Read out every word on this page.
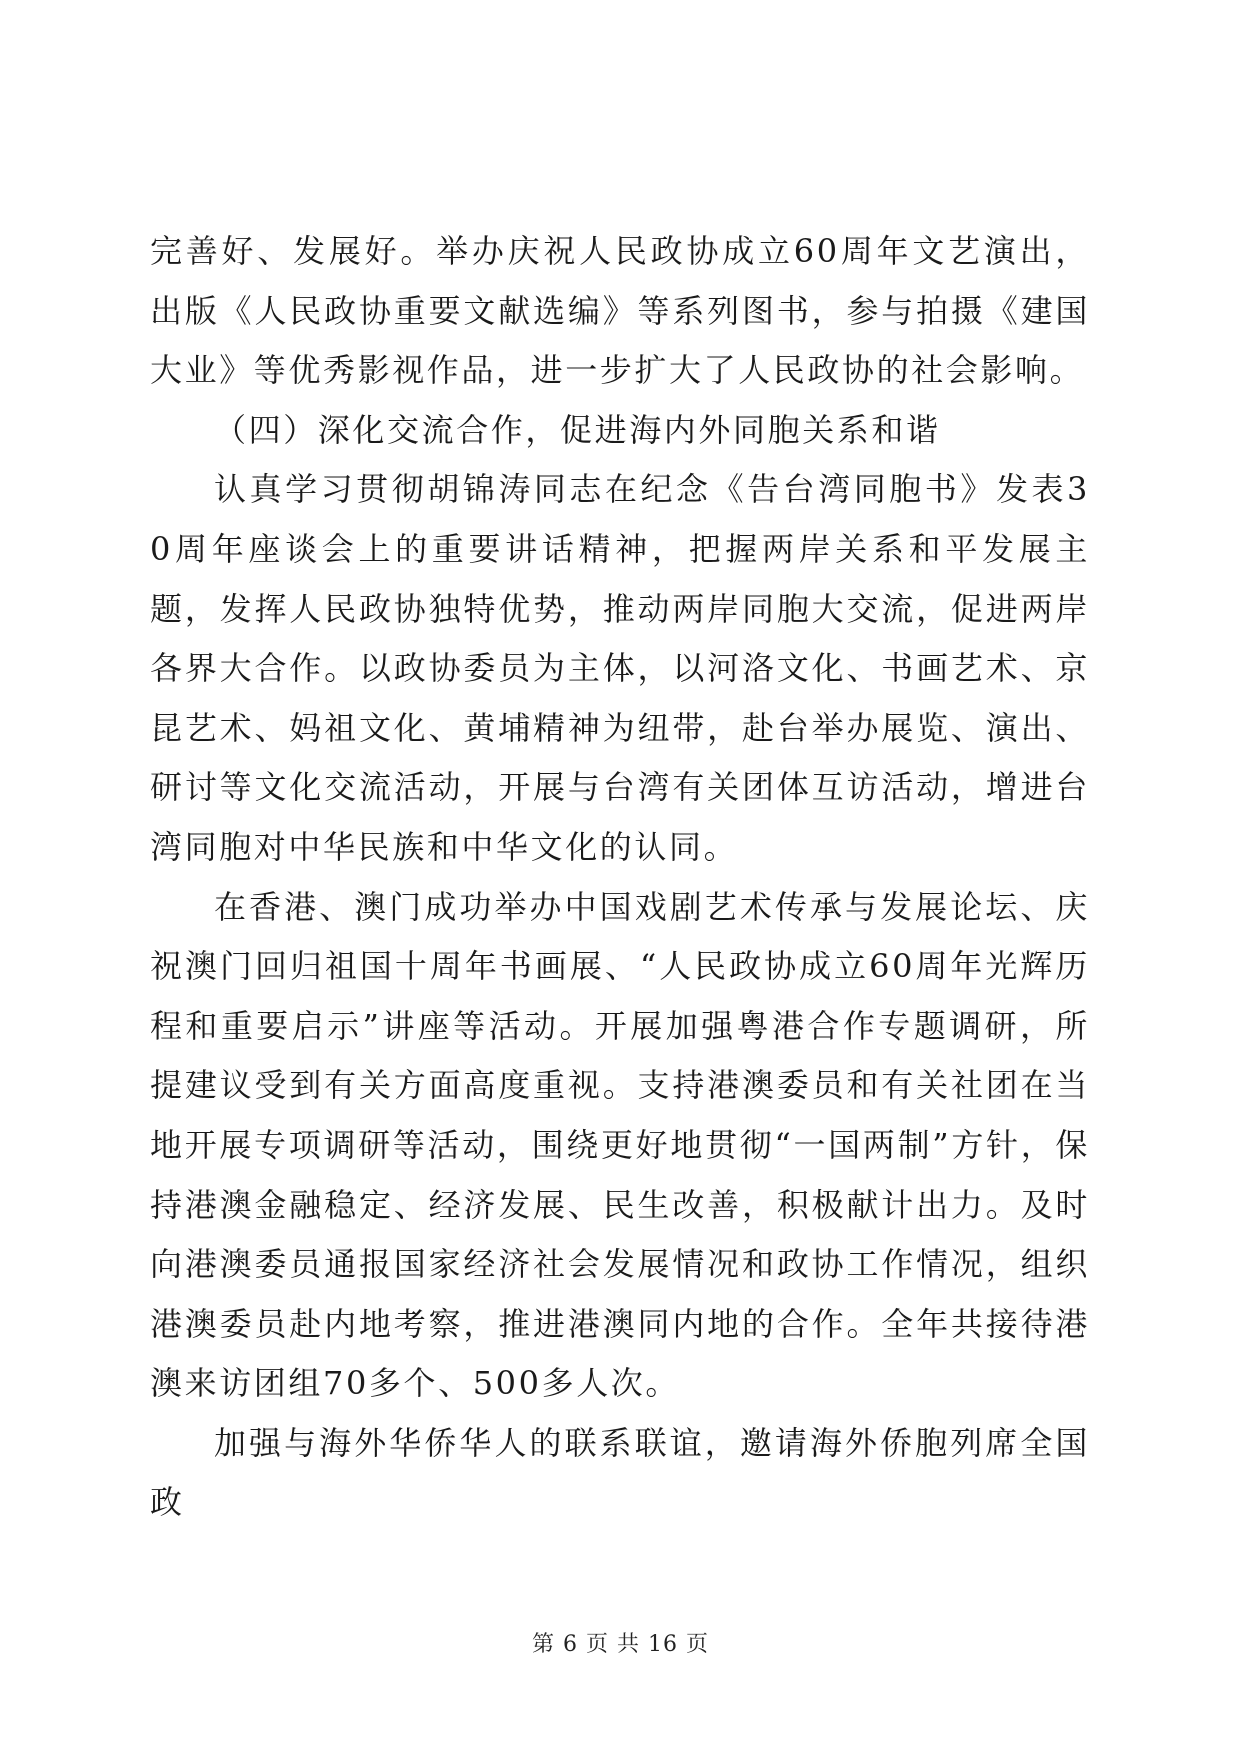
完善好、发展好。举办庆祝人民政协成立60周年文艺演出，出版《人民政协重要文献选编》等系列图书，参与拍摄《建国大业》等优秀影视作品，进一步扩大了人民政协的社会影响。

（四）深化交流合作，促进海内外同胞关系和谐

认真学习贯彻胡锦涛同志在纪念《告台湾同胞书》发表30周年座谈会上的重要讲话精神，把握两岸关系和平发展主题，发挥人民政协独特优势，推动两岸同胞大交流，促进两岸各界大合作。以政协委员为主体，以河洛文化、书画艺术、京昆艺术、妈祖文化、黄埔精神为纽带，赴台举办展览、演出、研讨等文化交流活动，开展与台湾有关团体互访活动，增进台湾同胞对中华民族和中华文化的认同。

在香港、澳门成功举办中国戏剧艺术传承与发展论坛、庆祝澳门回归祖国十周年书画展、“人民政协成立60周年光辉历程和重要启示”讲座等活动。开展加强粤港合作专题调研，所提建议受到有关方面高度重视。支持港澳委员和有关社团在当地开展专项调研等活动，围绕更好地贯彻“一国两制”方针，保持港澳金融稳定、经济发展、民生改善，积极献计出力。及时向港澳委员通报国家经济社会发展情况和政协工作情况，组织港澳委员赴内地考察，推进港澳同内地的合作。全年共接待港澳来访团组70多个、500多人次。

加强与海外华侨华人的联系联谊，邀请海外侨胞列席全国政

第 6 页 共 16 页
